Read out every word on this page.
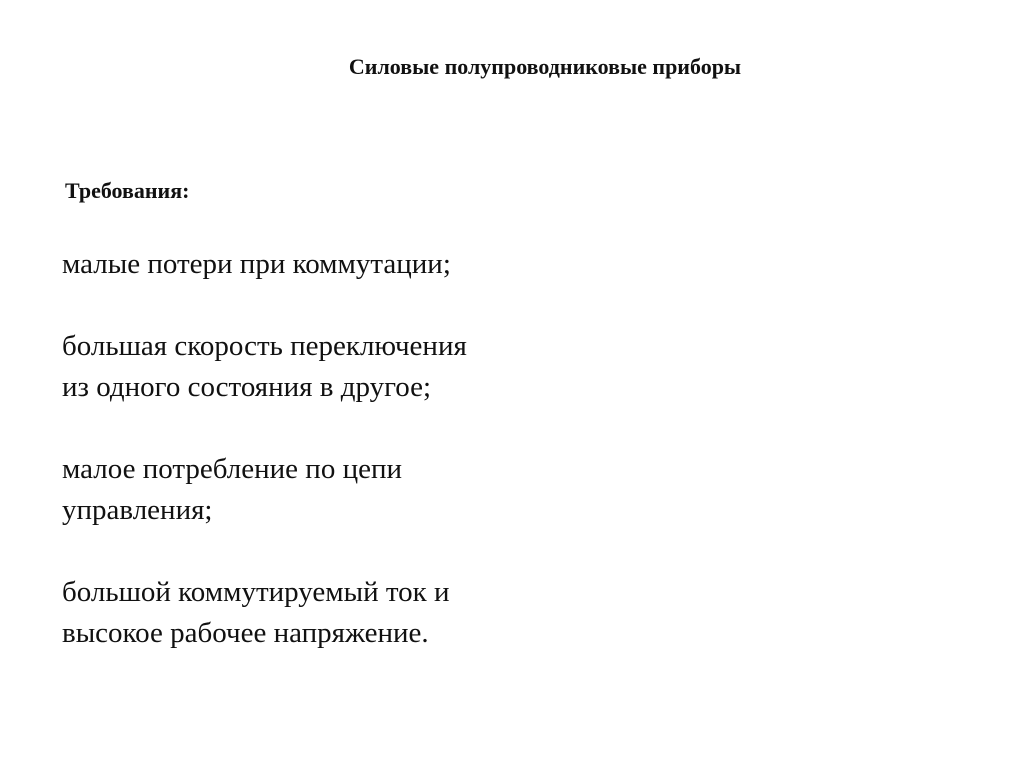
Силовые полупроводниковые приборы
Требования:
малые потери при коммутации;
большая скорость переключения
из одного состояния в другое;
малое потребление по цепи
управления;
большой коммутируемый ток и
высокое рабочее напряжение.
